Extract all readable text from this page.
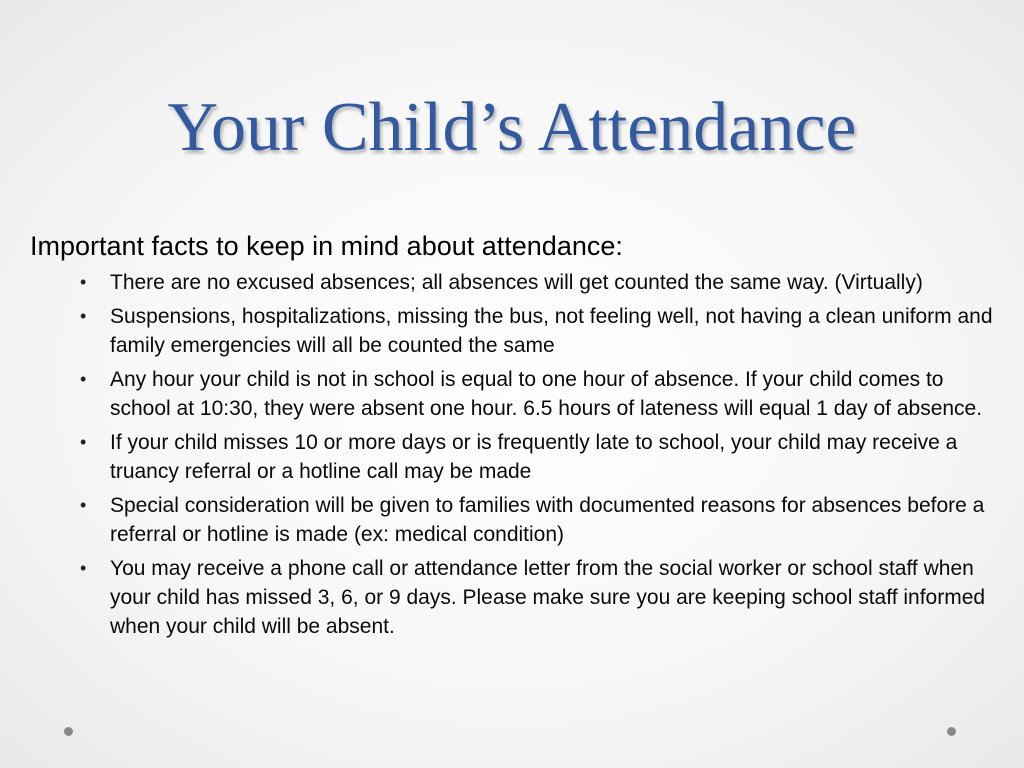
Your Child’s Attendance
Important facts to keep in mind about attendance:
• There are no excused absences; all absences will get counted the same way. (Virtually)
• Suspensions, hospitalizations, missing the bus, not feeling well, not having a clean uniform and family emergencies will all be counted the same
• Any hour your child is not in school is equal to one hour of absence. If your child comes to school at 10:30, they were absent one hour. 6.5 hours of lateness will equal 1 day of absence.
• If your child misses 10 or more days or is frequently late to school, your child may receive a truancy referral or a hotline call may be made
• Special consideration will be given to families with documented reasons for absences before a referral or hotline is made (ex: medical condition)
• You may receive a phone call or attendance letter from the social worker or school staff when your child has missed 3, 6, or 9 days. Please make sure you are keeping school staff informed when your child will be absent.
